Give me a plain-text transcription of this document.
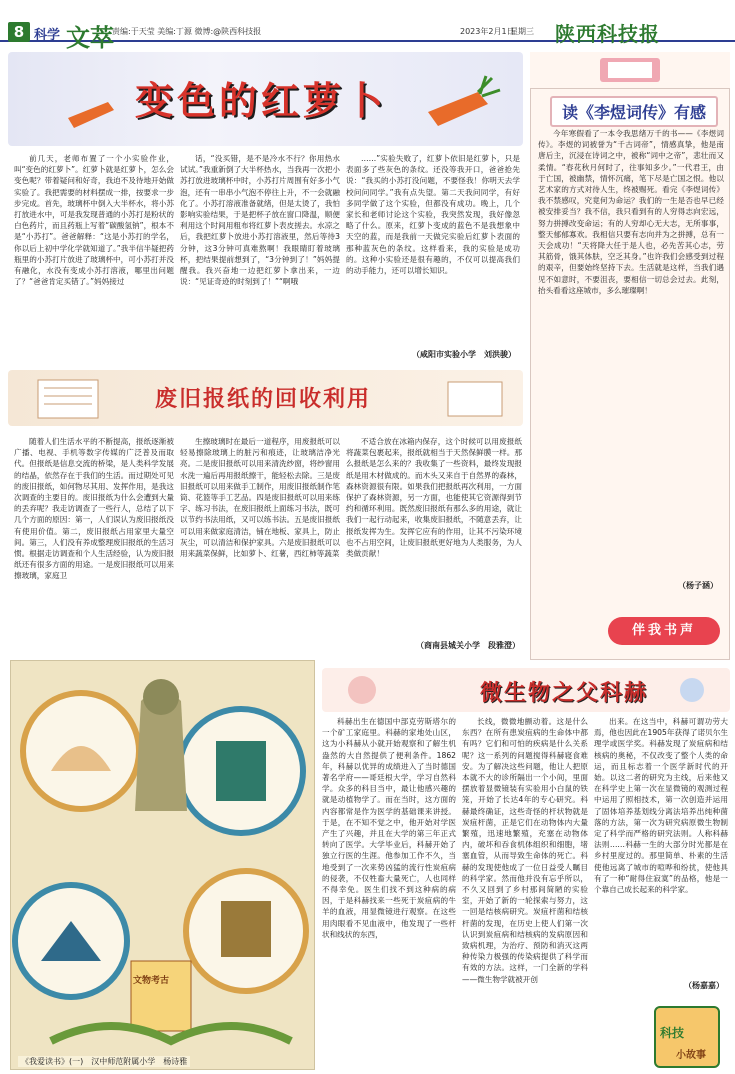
8 科学 文萃
责编:于天莹 美编:丁源 微博:@陕西科技报	2023年2月1日
星期三 陕西科技报
变色的红萝卜
前几天，老师布置了一个小实验作业，叫“变色的红萝卜”。红萝卜就是红萝卜，怎么会变色呢？带着疑问和好奇，我迫不及待地开始做实验了。我把需要的材料摆成一排，按要求一步步完成。首先，玻璃杯中倒入大半杯水，将小苏打放进水中，可是我发现普通的小苏打是粉状的白色药片，而且药瓶上写着“碳酸氢钠”，根本不是“小苏打”。爸爸解释：“这是小苏打的学名，你以后上初中学化学就知道了。”我半信半疑把药瓶里的小苏打片放进了玻璃杯中，可小苏打并没有融化，水没有变成小苏打溶液，哪里出问题了？“爸爸肯定买错了。”妈妈接过
话，“没买错，是不是冷水不行？你用热水试试。”我重新倒了大半杯热水，当我再一次把小苏打放进玻璃杯中时，小苏打片周围有好多小气泡，还有一串串小气泡不停往上升，不一会就融化了。小苏打溶液准备就绪，但是太烫了，我怕影响实验结果，于是把杯子放在窗口降温，顺便利用这个时间用粗布将红萝卜表皮搓去。水凉之后，我把红萝卜放进小苏打溶液里，然后等待3分钟，这3分钟可真难熬啊！我眼睛盯着玻璃杯，把结果提前想到了，“3分钟到了！”妈妈提醒我。我兴奋地一边把红萝卜拿出来，一边说：“见证奇迹的时刻到了！”“啊哦
……”实验失败了，红萝卜依旧是红萝卜，只是表面多了些灰色的条纹。还没等我开口，爸爸抢先说：“我买的小苏打没问题，不要怪我！你明天去学校问问同学。”我有点失望。第二天我问同学，有好多同学做了这个实验，但都没有成功。晚上，几个家长和老师讨论这个实验，我突然发现，我好像忽略了什么。原来，红萝卜变成的蓝色不是我想象中天空的蓝，而是我前一天做完实验后红萝卜表面的那种蓝灰色的条纹。这样看来，我的实验是成功的。这种小实验还是很有趣的，不仅可以提高我们的动手能力，还可以增长知识。
（咸阳市实验小学　刘洪骏）
读《李煜词传》有感
今年寒假看了一本令我思绪万千的书——《李煜词传》。李煜的词被誉为“千古词帝”，情感真挚，他是南唐后主，沉浸在诗词之中，被称“词中之帝”，悲壮而又柔情。“春花秋月何时了，往事知多少。”一代君王，由于亡国，被幽禁，情怀沉痛，笔下尽是亡国之恨。他以艺术家的方式对待人生，终被赐死。看完《李煜词传》我不禁感叹，究竟何为命运？我们的一生是否也早已经被安排妥当？我不信，我只看到有的人穷得志向宏远，努力拼搏改变命运；有的人穷却心无大志，无所事事，整天郁郁寡欢。我相信只要有志向并为之拼搏，总有一天会成功！“天将降大任于是人也，必先苦其心志，劳其筋骨，饿其体肤，空乏其身。”也许我们会感受到过程的艰辛，但要始终坚持下去。生活就是这样，当我们遇见不如意时，不要沮丧，要相信一切总会过去。此刻，抬头看看这座城市，多么璀璨啊！
（杨子涵）
伴我书声
废旧报纸的回收利用
随着人们生活水平的不断提高，报纸逐渐被广播、电视、手机等数字传媒的广泛普及而取代。但报纸是信息交流的桥梁，是人类科学发展的结晶，依然存在于我们的生活。而过期处可见的废旧报纸，如何物尽其用、发挥作用，是我这次调查的主要目的。废旧报纸为什么会遭到大量的丢弃呢？我走访调查了一些行人，总结了以下几个方面的原因：第一，人们误认为废旧报纸没有使用价值。第二，废旧报纸占用家里大量空间。第三，人们没有养成整理废旧报纸的生活习惯。根据走访调查和个人生活经验，认为废旧报纸还有很多方面的用途。一是废旧报纸可以用来擦玻璃，家庭卫
生擦玻璃时在最后一道程序，用废报纸可以轻易擦除玻璃上的脏污和痕迹，让玻璃洁净光亮。二是废旧报纸可以用来清洗纱窗，将纱窗用水洗一遍后再用报纸擦干，能轻松去除。三是废旧报纸可以用来做手工制作，用废旧报纸制作笔筒、花篮等手工艺品。四是废旧报纸可以用来练字、练习书法，在废旧报纸上面练习书法，既可以节约书法用纸，又可以练书法。五是废旧报纸可以用来做家庭清洁，铺在地板、家具上，防止灰尘，可以清洁和保护家具。六是废旧报纸可以用来蔬菜保鲜，比如萝卜、红薯，西红柿等蔬菜
不适合放在冰箱内保存，这个时候可以用废报纸将蔬菜包裹起来，报纸就相当于天然保鲜膜一样。那么报纸是怎么来的？我收集了一些资料，最终发现报纸是用木材做成的。而木头又来自于自然界的森林，森林资源很有限。如果我们把报纸再次利用，一方面保护了森林资源，另一方面，也能使其它资源得到节约和循环利用。既然废旧报纸有那么多的用途，就让我们一起行动起来，收集废旧报纸，不随意丢弃，让报纸发挥为生。发挥它应有的作用，让其不污染环境也不占用空间，让废旧报纸更好地为人类服务，为人类做贡献！
（商南县城关小学　段雅澄）
文物考古
《我爱读书》(一)　汉中师范附属小学　杨诗雅
微生物之父科赫
科赫出生在德国中部克劳斯塔尔的一个矿工家庭里。科赫的家地处山区，这为小科赫从小就开始观察和了解生机盎然的大自然提供了便利条件。1862年，科赫以优异的成绩进入了当时德国著名学府——哥廷根大学，学习自然科学。众多的科目当中，最让他感兴趣的就是动植物学了。而在当时，这方面的内容都常是作为医学的基础课来讲授。于是，在不知不觉之中，他开始对学医产生了兴趣，并且在大学的第三年正式转向了医学。大学毕业后，科赫开始了独立行医的生涯。他参加工作不久，当地受到了一次来势凶猛的流行性炭疽病的侵袭，不仅牲畜大量死亡，人也同样不得幸免。医生们找不到这种病的病因，于是科赫找来一些死于炭疽病的牛羊的血液，用显微镜进行观察。在这些用肉眼看不见血液中，他发现了一些杆状和线状的东西，
长线，微微地颤动着。这是什么东西？在所有患炭疽病的生命体中都有吗？它们和可怕的疾病是什么关系呢？这一系列的问题搅得科赫寝食难安。为了解决这些问题，他让人把原本就不大的诊所隔出一个小间，里面摆放着显微镜装有实验用小白鼠的铁笼，开始了长达4年的专心研究。科赫最终确证，这些奇怪的杆状物就是炭疽杆菌，正是它们在动物体内大量繁殖，迅速地繁殖，充塞在动物体内，破坏和吞食机体组织和细胞，堵塞血管，从而导致生命体的死亡。科赫的发现使他成了一位日益受人瞩目的科学家。然而他并没有忘乎所以，不久又回到了乡村那间简陋的实验室，开始了新的一轮探索与努力，这一回是结核病研究。炭疽杆菌和结核杆菌的发现，在历史上使人们第一次认识到炭疽病和结核病的发病原因和致病机理，为治疗、预防和消灭这两种传染力极强的传染病提供了科学而有效的方法。这样，一门全新的学科——微生物学就被开创
出来。在这当中，科赫可谓功劳大焉，他也因此在1905年获得了诺贝尔生理学或医学奖。科赫发现了炭疽病和结核病的奥秘，不仅改变了整个人类的命运，而且标志着一个医学新时代的开始。以这二者的研究为主线，后来他又在科学史上第一次在显微镜的观测过程中运用了照相技术，第一次创造并运用了固体培养基划线分离法培养出纯种菌落的方法，第一次为研究病原微生物制定了科学而严格的研究法则。人称科赫法则……科赫一生的大部分时光都是在乡村里度过的。那里简单、朴素的生活使他远离了城市的喧哗和纷扰，使他具有了一种“耐得住寂寞”的品格，他是一个靠自己成长起来的科学家。
（杨嘉嘉）
科技
小故事
